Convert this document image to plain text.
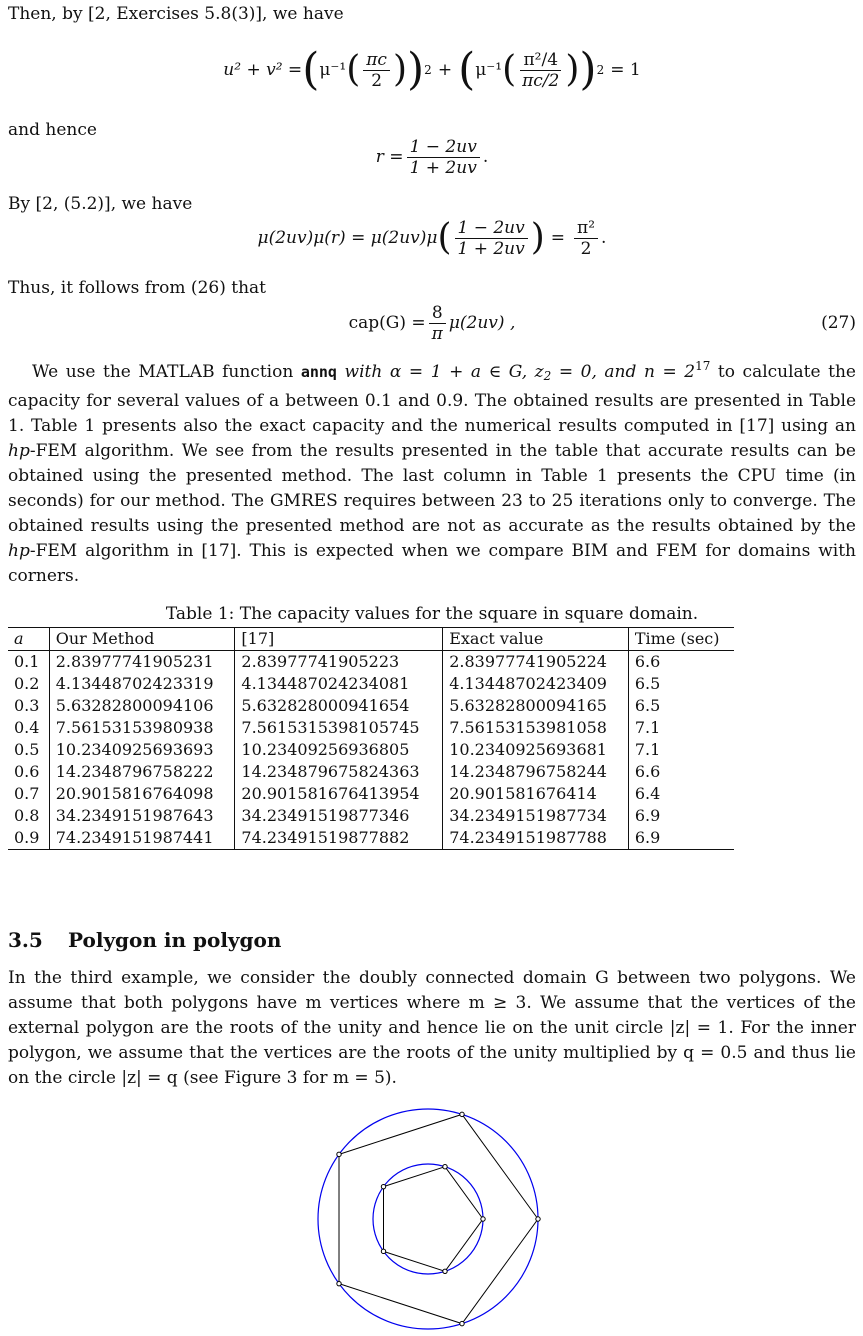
Then, by [2, Exercises 5.8(3)], we have

u² + v² = ( μ⁻¹ ( $\frac{\pi c}{2}$ ) ) 2 + ( μ⁻¹ ( $\frac{\text{π²/4}}{\pi c/2}$ ) ) 2 = 1

and hence

$r = \frac{1 - 2uv}{1 + 2uv}$ .

By [2, (5.2)], we have

μ(2uv)μ(r) = μ(2uv)μ ( $\frac{1 - 2uv}{1 + 2uv}$ ) = $\frac{\text{π²}}{2}$ .

Thus, it follows from (26) that

$cap(G) = \frac{8}{\pi} \mu(2uv)$ ,	(27)

We use the MATLAB function annq with α = 1 + a ∈ G, $z_2 = 0$, and $n = 2^{17}$ to calculate the capacity for several values of a between 0.1 and 0.9. The obtained results are presented in Table 1. Table 1 presents also the exact capacity and the numerical results computed in [17] using an hp-FEM algorithm. We see from the results presented in the table that accurate results can be obtained using the presented method. The last column in Table 1 presents the CPU time (in seconds) for our method. The GMRES requires between 23 to 25 iterations only to converge. The obtained results using the presented method are not as accurate as the results obtained by the hp-FEM algorithm in [17]. This is expected when we compare BIM and FEM for domains with corners.

Table 1: The capacity values for the square in square domain.

a	Our Method	[17]	Exact value	Time (sec)
0.1	2.83977741905231	2.83977741905223	2.83977741905224	6.6
0.2	4.13448702423319	4.134487024234081	4.13448702423409	6.5
0.3	5.63282800094106	5.632828000941654	5.63282800094165	6.5
0.4	7.56153153980938	7.5615315398105745	7.56153153981058	7.1
0.5	10.2340925693693	10.23409256936805	10.2340925693681	7.1
0.6	14.2348796758222	14.234879675824363	14.2348796758244	6.6
0.7	20.9015816764098	20.901581676413954	20.901581676414	6.4
0.8	34.2349151987643	34.23491519877346	34.2349151987734	6.9
0.9	74.2349151987441	74.23491519877882	74.2349151987788	6.9
3.5 Polygon in polygon

In the third example, we consider the doubly connected domain G between two polygons. We assume that both polygons have m vertices where m ≥ 3. We assume that the vertices of the external polygon are the roots of the unity and hence lie on the unit circle |z| = 1. For the inner polygon, we assume that the vertices are the roots of the unity multiplied by q = 0.5 and thus lie on the circle |z| = q (see Figure 3 for m = 5).
